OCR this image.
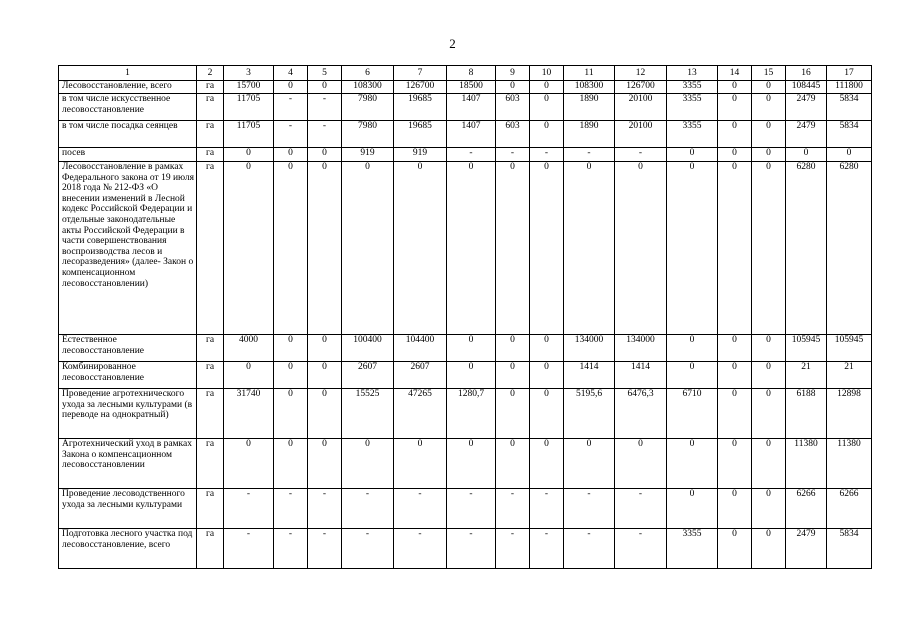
2
1	2	3	4	5	6	7	8	9	10	11	12	13	14	15	16	17
Лесовосстановление, всего	га	15700	0	0	108300	126700	18500	0	0	108300	126700	3355	0	0	108445	111800
в том числе искусственное лесовосстановление	га	11705	-	-	7980	19685	1407	603	0	1890	20100	3355	0	0	2479	5834
в том числе посадка сеянцев	га	11705	-	-	7980	19685	1407	603	0	1890	20100	3355	0	0	2479	5834
посев	га	0	0	0	919	919	-	-	-	-	-	0	0	0	0	0
Лесовосстановление в рамках Федерального закона от 19 июля 2018 года № 212-ФЗ «О внесении изменений в Лесной кодекс Российской Федерации и отдельные законодательные акты Российской Федерации в части совершенствования воспроизводства лесов и лесоразведения» (далее- Закон о компенсационном лесовосстановлении)	га	0	0	0	0	0	0	0	0	0	0	0	0	0	6280	6280
Естественное лесовосстановление	га	4000	0	0	100400	104400	0	0	0	134000	134000	0	0	0	105945	105945
Комбинированное лесовосстановление	га	0	0	0	2607	2607	0	0	0	1414	1414	0	0	0	21	21
Проведение агротехнического ухода за лесными культурами (в переводе на однократный)	га	31740	0	0	15525	47265	1280,7	0	0	5195,6	6476,3	6710	0	0	6188	12898
Агротехнический уход в рамках Закона о компенсационном лесовосстановлении	га	0	0	0	0	0	0	0	0	0	0	0	0	0	11380	11380
Проведение лесоводственного ухода за лесными культурами	га	-	-	-	-	-	-	-	-	-	-	0	0	0	6266	6266
Подготовка лесного участка под лесовосстановление, всего	га	-	-	-	-	-	-	-	-	-	-	3355	0	0	2479	5834
